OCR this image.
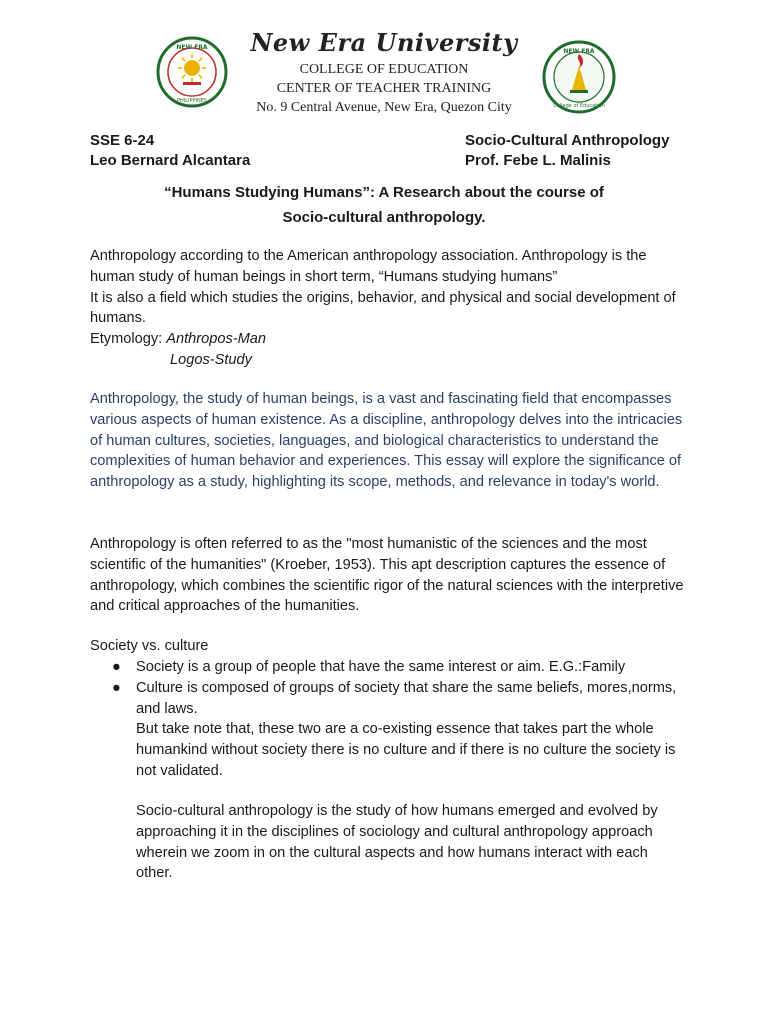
NEW ERA
PHILIPPINES
NEW ERA
College of Education
New Era University
COLLEGE OF EDUCATION
CENTER OF TEACHER TRAINING
No. 9 Central Avenue, New Era, Quezon City
SSE 6-24
Leo Bernard Alcantara
Socio-Cultural Anthropology
Prof. Febe L. Malinis
“Humans Studying Humans”: A Research about the course of
Socio-cultural anthropology.

Anthropology according to the American anthropology association. Anthropology is the human study of human beings in short term, “Humans studying humans”

It is also a field which studies the origins, behavior, and physical and social development of humans.

Etymology: Anthropos-Man

Logos-Study

Anthropology, the study of human beings, is a vast and fascinating field that encompasses various aspects of human existence. As a discipline, anthropology delves into the intricacies of human cultures, societies, languages, and biological characteristics to understand the complexities of human behavior and experiences. This essay will explore the significance of anthropology as a study, highlighting its scope, methods, and relevance in today's world.

Anthropology is often referred to as the "most humanistic of the sciences and the most scientific of the humanities" (Kroeber, 1953). This apt description captures the essence of anthropology, which combines the scientific rigor of the natural sciences with the interpretive and critical approaches of the humanities.

Society vs. culture

● Society is a group of people that have the same interest or aim. E.G.:Family
● Culture is composed of groups of society that share the same beliefs, mores,norms, and laws.

But take note that, these two are a co-existing essence that takes part the whole humankind without society there is no culture and if there is no culture the society is not validated.

Socio-cultural anthropology is the study of how humans emerged and evolved by approaching it in the disciplines of sociology and cultural anthropology approach wherein we zoom in on the cultural aspects and how humans interact with each other.
